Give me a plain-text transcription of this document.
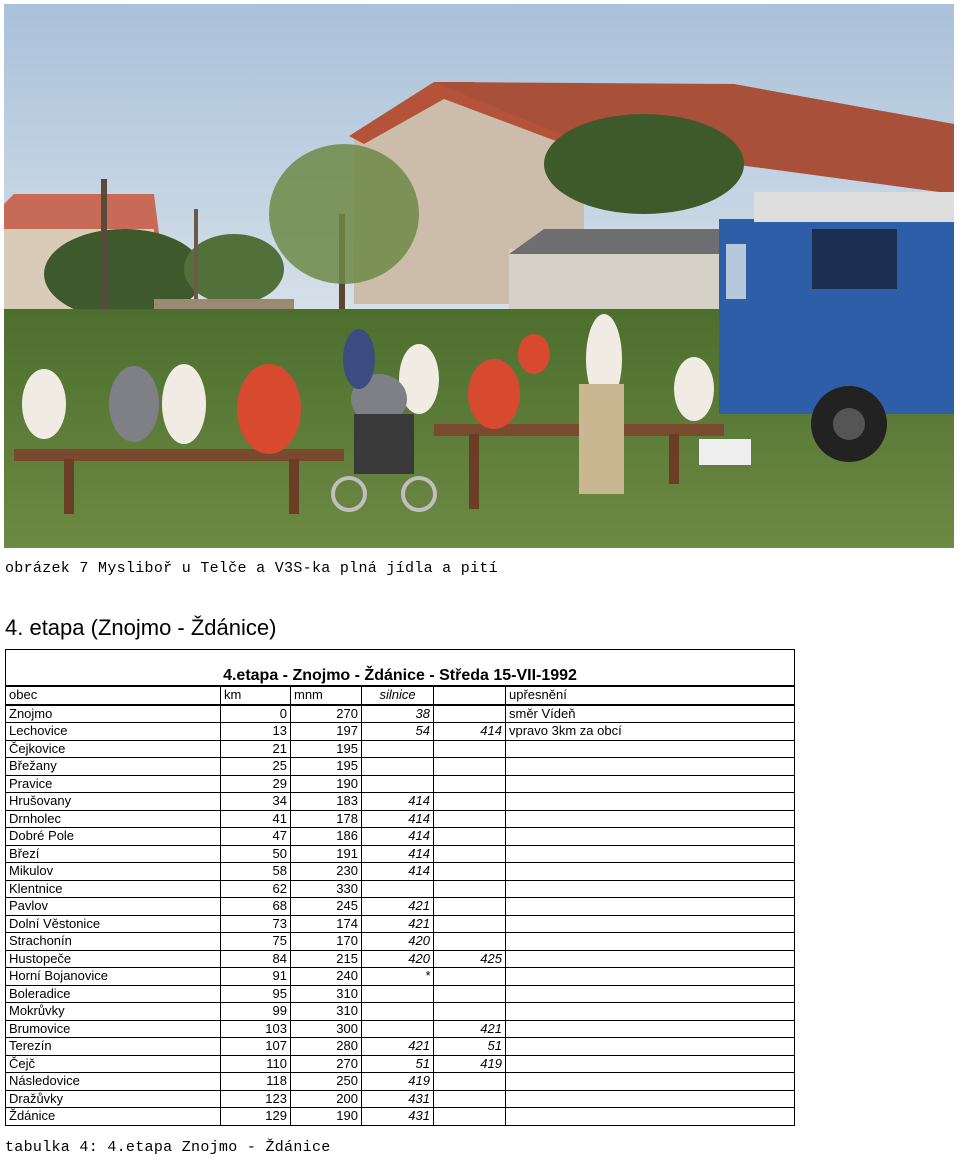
obrázek 7 Mysliboř u Telče a V3S-ka plná jídla a pití
4. etapa (Znojmo - Ždánice)
4.etapa - Znojmo - Ždánice - Středa 15-VII-1992					
obec	km	mnm	silnice		upřesnění
Znojmo	0	270	38		směr Vídeň
Lechovice	13	197	54	414	vpravo 3km za obcí
Čejkovice	21	195			
Břežany	25	195			
Pravice	29	190			
Hrušovany	34	183	414		
Drnholec	41	178	414		
Dobré Pole	47	186	414		
Březí	50	191	414		
Mikulov	58	230	414		
Klentnice	62	330			
Pavlov	68	245	421		
Dolní Věstonice	73	174	421		
Strachonín	75	170	420		
Hustopeče	84	215	420	425	
Horní Bojanovice	91	240	*		
Boleradice	95	310			
Mokrůvky	99	310			
Brumovice	103	300		421	
Terezín	107	280	421	51	
Čejč	110	270	51	419	
Následovice	118	250	419		
Dražůvky	123	200	431		
Ždánice	129	190	431		
tabulka 4: 4.etapa Znojmo - Ždánice
